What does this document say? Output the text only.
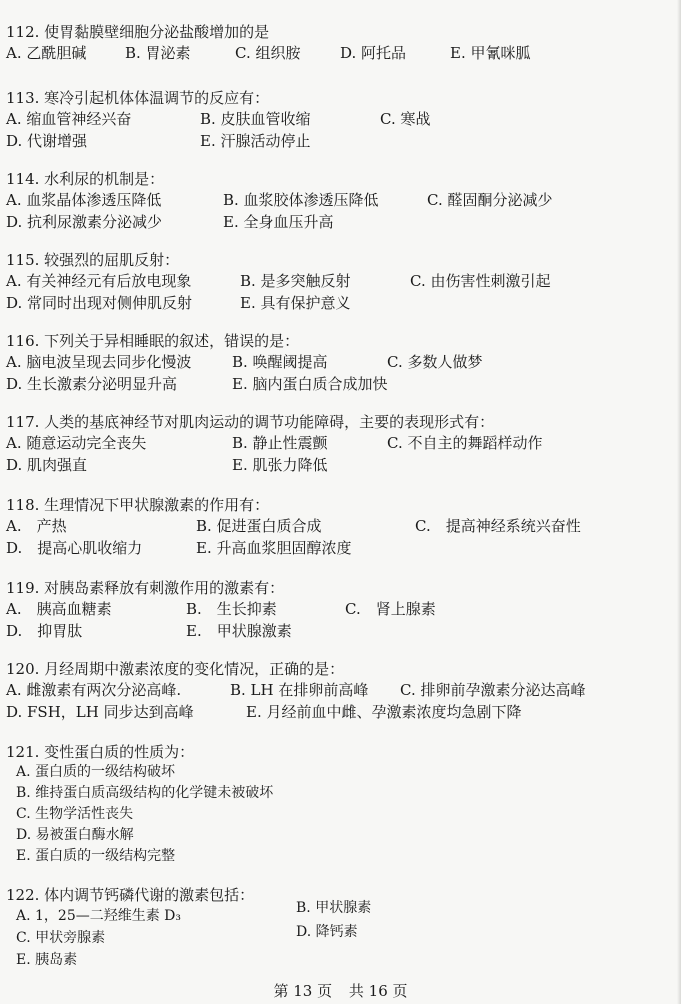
112. 使胃黏膜壁细胞分泌盐酸增加的是
A. 乙酰胆碱	B. 胃泌素	C. 组织胺	D. 阿托品	E. 甲氰咪胍
113. 寒冷引起机体体温调节的反应有：
A. 缩血管神经兴奋	B. 皮肤血管收缩	C. 寒战
D. 代谢增强	E. 汗腺活动停止
114. 水利尿的机制是：
A. 血浆晶体渗透压降低	B. 血浆胶体渗透压降低	C. 醛固酮分泌减少
D. 抗利尿激素分泌减少	E. 全身血压升高
115. 较强烈的屈肌反射：
A. 有关神经元有后放电现象	B. 是多突触反射	C. 由伤害性刺激引起
D. 常同时出现对侧伸肌反射	E. 具有保护意义
116. 下列关于异相睡眠的叙述，错误的是：
A. 脑电波呈现去同步化慢波	B. 唤醒阈提高	C. 多数人做梦
D. 生长激素分泌明显升高	E. 脑内蛋白质合成加快
117. 人类的基底神经节对肌肉运动的调节功能障碍，主要的表现形式有：
A. 随意运动完全丧失	B. 静止性震颤	C. 不自主的舞蹈样动作
D. 肌肉强直	E. 肌张力降低
118. 生理情况下甲状腺激素的作用有：
A.　产热	B. 促进蛋白质合成	C.　提高神经系统兴奋性
D.　提高心肌收缩力	E. 升高血浆胆固醇浓度
119. 对胰岛素释放有刺激作用的激素有：
A.　胰高血糖素	B.　生长抑素	C.　肾上腺素
D.　抑胃肽	E.　甲状腺激素
120. 月经周期中激素浓度的变化情况，正确的是：
A. 雌激素有两次分泌高峰.	B. LH 在排卵前高峰 C. 排卵前孕激素分泌达高峰
D. FSH，LH 同步达到高峰	E. 月经前血中雌、孕激素浓度均急剧下降
121. 变性蛋白质的性质为：
A. 蛋白质的一级结构破坏
B. 维持蛋白质高级结构的化学键未被破坏
C. 生物学活性丧失
D. 易被蛋白酶水解
E. 蛋白质的一级结构完整
122. 体内调节钙磷代谢的激素包括：
A. 1，25—二羟维生素 D₃	B. 甲状腺素
C. 甲状旁腺素	D. 降钙素
E. 胰岛素
第 13 页 共 16 页
